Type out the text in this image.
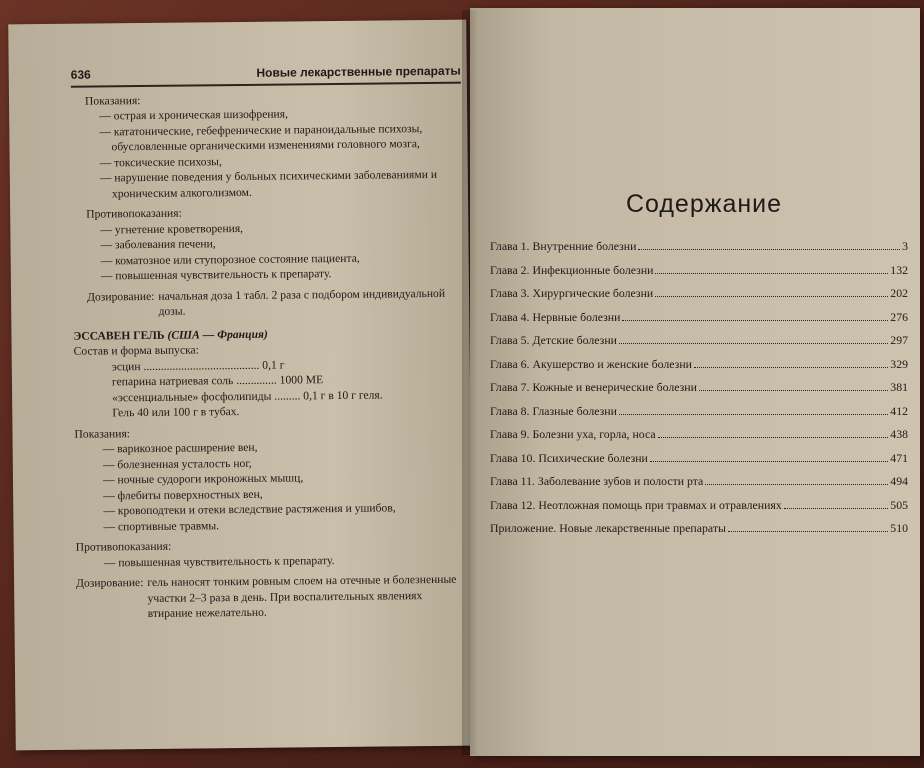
636	Новые лекарственные препараты
Показания:
— острая и хроническая шизофрения,
— кататонические, гебефренические и параноидальные психозы, обусловленные органическими изменениями головного мозга,
— токсические психозы,
— нарушение поведения у больных психическими заболеваниями и хроническим алкоголизмом.
Противопоказания:
— угнетение кроветворения,
— заболевания печени,
— коматозное или ступорозное состояние пациента,
— повышенная чувствительность к препарату.
Дозирование: начальная доза 1 табл. 2 раза с подбором индивидуальной дозы.
ЭССАВЕН ГЕЛЬ (США — Франция)
Состав и форма выпуска:
эсцин ........................................ 0,1 г
гепарина натриевая соль .............. 1000 МЕ
«эссенциальные» фосфолипиды ......... 0,1 г в 10 г геля.
Гель 40 или 100 г в тубах.
Показания:
— варикозное расширение вен,
— болезненная усталость ног,
— ночные судороги икроножных мышц,
— флебиты поверхностных вен,
— кровоподтеки и отеки вследствие растяжения и ушибов,
— спортивные травмы.
Противопоказания:
— повышенная чувствительность к препарату.
Дозирование: гель наносят тонким ровным слоем на отечные и болезненные участки 2–3 раза в день. При воспалительных явлениях втирание нежелательно.
Содержание
Глава 1. Внутренние болезни	3
Глава 2. Инфекционные болезни	132
Глава 3. Хирургические болезни	202
Глава 4. Нервные болезни	276
Глава 5. Детские болезни	297
Глава 6. Акушерство и женские болезни	329
Глава 7. Кожные и венерические болезни	381
Глава 8. Глазные болезни	412
Глава 9. Болезни уха, горла, носа	438
Глава 10. Психические болезни	471
Глава 11. Заболевание зубов и полости рта	494
Глава 12. Неотложная помощь при травмах и отравлениях	505
Приложение. Новые лекарственные препараты	510
